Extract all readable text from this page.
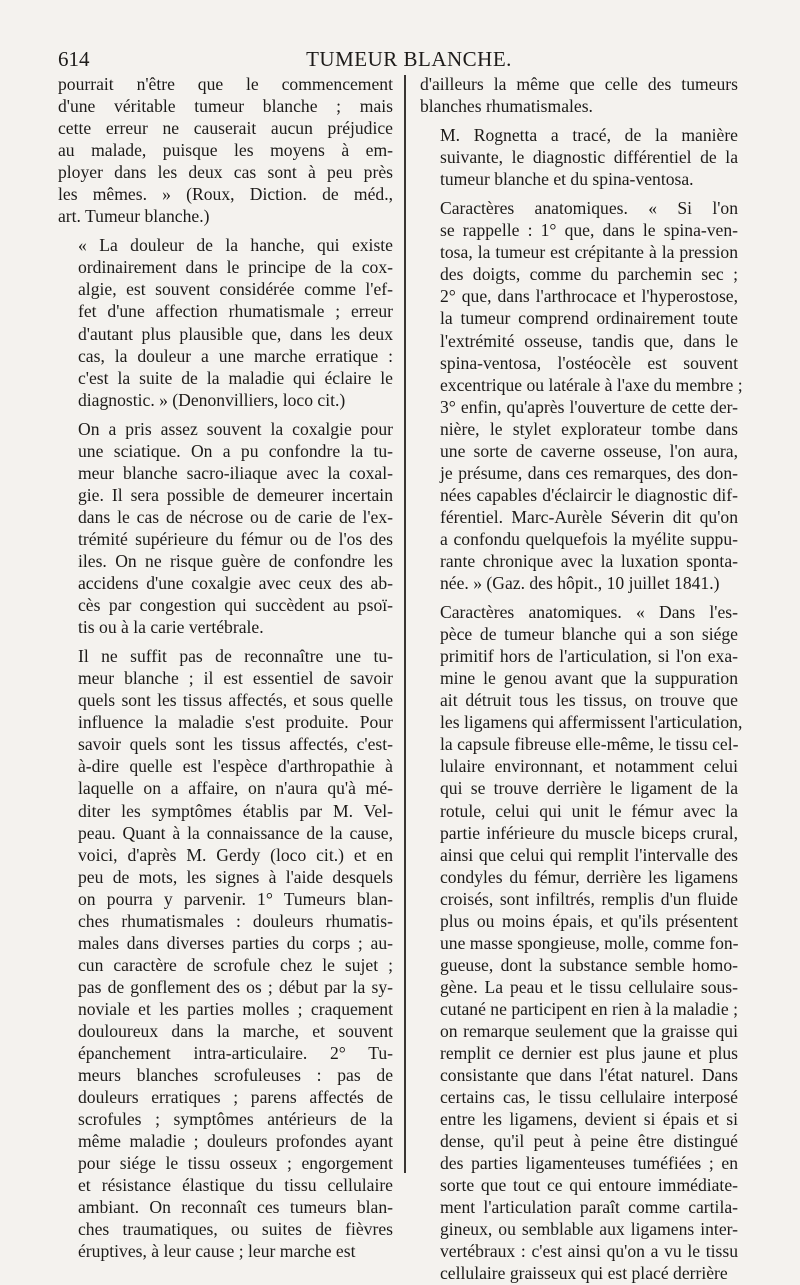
614	TUMEUR BLANCHE.

pourrait n'être que le commencement
d'une véritable tumeur blanche ; mais
cette erreur ne causerait aucun préjudice
au malade, puisque les moyens à em-
ployer dans les deux cas sont à peu près
les mêmes. » (Roux, Diction. de méd.,
art. Tumeur blanche.)

« La douleur de la hanche, qui existe
ordinairement dans le principe de la cox-
algie, est souvent considérée comme l'ef-
fet d'une affection rhumatismale ; erreur
d'autant plus plausible que, dans les deux
cas, la douleur a une marche erratique :
c'est la suite de la maladie qui éclaire le
diagnostic. » (Denonvilliers, loco cit.)

On a pris assez souvent la coxalgie pour
une sciatique. On a pu confondre la tu-
meur blanche sacro-iliaque avec la coxal-
gie. Il sera possible de demeurer incertain
dans le cas de nécrose ou de carie de l'ex-
trémité supérieure du fémur ou de l'os des
iles. On ne risque guère de confondre les
accidens d'une coxalgie avec ceux des ab-
cès par congestion qui succèdent au psoï-
tis ou à la carie vertébrale.

Il ne suffit pas de reconnaître une tu-
meur blanche ; il est essentiel de savoir
quels sont les tissus affectés, et sous quelle
influence la maladie s'est produite. Pour
savoir quels sont les tissus affectés, c'est-
à-dire quelle est l'espèce d'arthropathie à
laquelle on a affaire, on n'aura qu'à mé-
diter les symptômes établis par M. Vel-
peau. Quant à la connaissance de la cause,
voici, d'après M. Gerdy (loco cit.) et en
peu de mots, les signes à l'aide desquels
on pourra y parvenir. 1° Tumeurs blan-
ches rhumatismales : douleurs rhumatis-
males dans diverses parties du corps ; au-
cun caractère de scrofule chez le sujet ;
pas de gonflement des os ; début par la sy-
noviale et les parties molles ; craquement
douloureux dans la marche, et souvent
épanchement intra-articulaire. 2° Tu-
meurs blanches scrofuleuses : pas de
douleurs erratiques ; parens affectés de
scrofules ; symptômes antérieurs de la
même maladie ; douleurs profondes ayant
pour siége le tissu osseux ; engorgement
et résistance élastique du tissu cellulaire
ambiant. On reconnaît ces tumeurs blan-
ches traumatiques, ou suites de fièvres
éruptives, à leur cause ; leur marche est

d'ailleurs la même que celle des tumeurs
blanches rhumatismales.

M. Rognetta a tracé, de la manière
suivante, le diagnostic différentiel de la
tumeur blanche et du spina-ventosa.

Caractères anatomiques. « Si l'on
se rappelle : 1° que, dans le spina-ven-
tosa, la tumeur est crépitante à la pression
des doigts, comme du parchemin sec ;
2° que, dans l'arthrocace et l'hyperostose,
la tumeur comprend ordinairement toute
l'extrémité osseuse, tandis que, dans le
spina-ventosa, l'ostéocèle est souvent
excentrique ou latérale à l'axe du membre ;
3° enfin, qu'après l'ouverture de cette der-
nière, le stylet explorateur tombe dans
une sorte de caverne osseuse, l'on aura,
je présume, dans ces remarques, des don-
nées capables d'éclaircir le diagnostic dif-
férentiel. Marc-Aurèle Séverin dit qu'on
a confondu quelquefois la myélite suppu-
rante chronique avec la luxation sponta-
née. » (Gaz. des hôpit., 10 juillet 1841.)

Caractères anatomiques. « Dans l'es-
pèce de tumeur blanche qui a son siége
primitif hors de l'articulation, si l'on exa-
mine le genou avant que la suppuration
ait détruit tous les tissus, on trouve que
les ligamens qui affermissent l'articulation,
la capsule fibreuse elle-même, le tissu cel-
lulaire environnant, et notamment celui
qui se trouve derrière le ligament de la
rotule, celui qui unit le fémur avec la
partie inférieure du muscle biceps crural,
ainsi que celui qui remplit l'intervalle des
condyles du fémur, derrière les ligamens
croisés, sont infiltrés, remplis d'un fluide
plus ou moins épais, et qu'ils présentent
une masse spongieuse, molle, comme fon-
gueuse, dont la substance semble homo-
gène. La peau et le tissu cellulaire sous-
cutané ne participent en rien à la maladie ;
on remarque seulement que la graisse qui
remplit ce dernier est plus jaune et plus
consistante que dans l'état naturel. Dans
certains cas, le tissu cellulaire interposé
entre les ligamens, devient si épais et si
dense, qu'il peut à peine être distingué
des parties ligamenteuses tuméfiées ; en
sorte que tout ce qui entoure immédiate-
ment l'articulation paraît comme cartila-
gineux, ou semblable aux ligamens inter-
vertébraux : c'est ainsi qu'on a vu le tissu
cellulaire graisseux qui est placé derrière
